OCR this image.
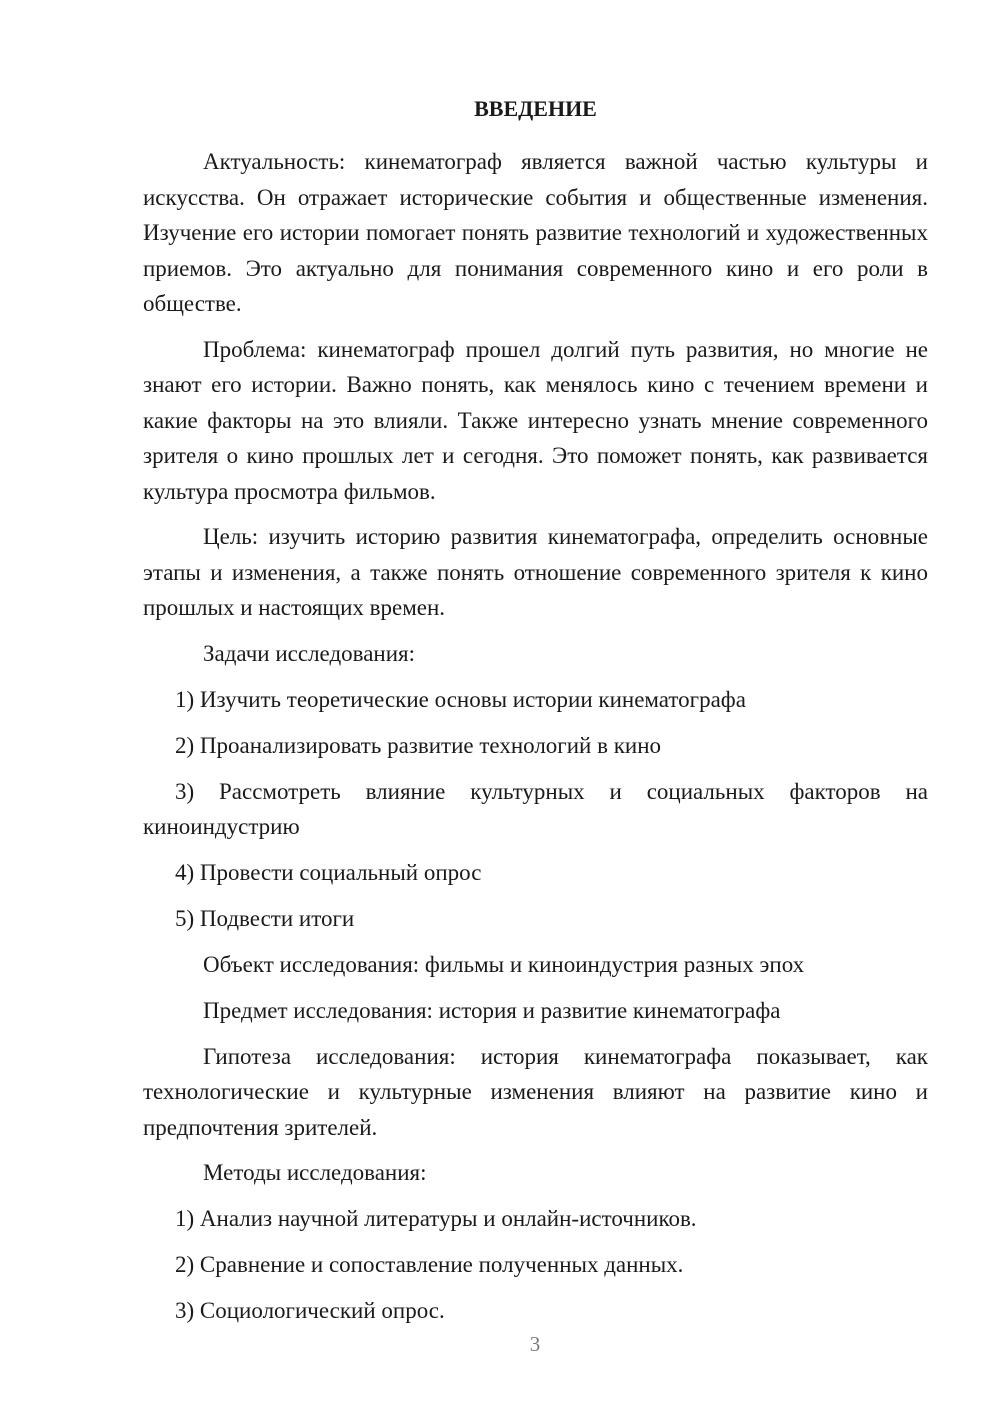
ВВЕДЕНИЕ

Актуальность: кинематограф является важной частью культуры и искусства. Он отражает исторические события и общественные изменения. Изучение его истории помогает понять развитие технологий и художественных приемов. Это актуально для понимания современного кино и его роли в обществе.

Проблема: кинематограф прошел долгий путь развития, но многие не знают его истории. Важно понять, как менялось кино с течением времени и какие факторы на это влияли. Также интересно узнать мнение современного зрителя о кино прошлых лет и сегодня. Это поможет понять, как развивается культура просмотра фильмов.

Цель: изучить историю развития кинематографа, определить основные этапы и изменения, а также понять отношение современного зрителя к кино прошлых и настоящих времен.

Задачи исследования:

1) Изучить теоретические основы истории кинематографа

2) Проанализировать развитие технологий в кино

3) Рассмотреть влияние культурных и социальных факторов на киноиндустрию

4) Провести социальный опрос

5) Подвести итоги

Объект исследования: фильмы и киноиндустрия разных эпох

Предмет исследования: история и развитие кинематографа

Гипотеза исследования: история кинематографа показывает, как технологические и культурные изменения влияют на развитие кино и предпочтения зрителей.

Методы исследования:

1) Анализ научной литературы и онлайн-источников.

2) Сравнение и сопоставление полученных данных.

3) Социологический опрос.

3
